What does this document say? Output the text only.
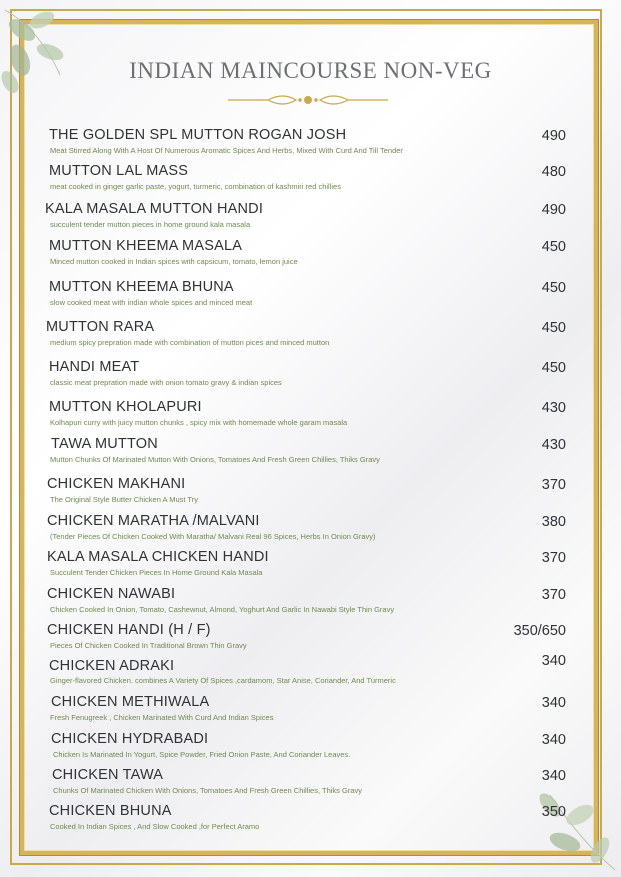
INDIAN MAINCOURSE NON-VEG
THE GOLDEN SPL MUTTON ROGAN JOSH
Meat Stirred Along With A Host Of Numerous Aromatic Spices And Herbs, Mixed With Curd And Till Tender
490
MUTTON LAL MASS
meat cooked in ginger garlic paste, yogurt, turmeric, combination of kashmiri red chillies
480
KALA MASALA MUTTON HANDI
succulent tender mutton pieces in home ground kala masala
490
MUTTON KHEEMA MASALA
Minced mutton cooked in Indian spices with capsicum, tomato, lemon juice
450
MUTTON KHEEMA BHUNA
slow cooked meat with indian whole spices and minced meat
450
MUTTON RARA
medium spicy prepration made with combination of mutton pices and minced mutton
450
HANDI MEAT
classic meat prepration made with onion tomato gravy & indian spices
450
MUTTON KHOLAPURI
Kolhapuri curry with juicy mutton chunks , spicy mix with homemade whole garam masala
430
TAWA MUTTON
Mutton Chunks Of Marinated Mutton With Onions, Tomatoes And Fresh Green Chillies, Thiks Gravy
430
CHICKEN MAKHANI
The Original Style Butter Chicken A Must Try
370
CHICKEN MARATHA /MALVANI
(Tender Pieces Of Chicken Cooked With Maratha/ Malvani Real 96 Spices, Herbs In Onion Gravy)
380
KALA MASALA CHICKEN HANDI
Succulent Tender Chicken Pieces In Home Ground Kala Masala
370
CHICKEN NAWABI
Chicken Cooked In Onion, Tomato, Cashewnut, Almond, Yoghurt And Garlic In Nawabi Style Thin Gravy
370
CHICKEN HANDI (H / F)
Pieces Of Chicken Cooked In Traditional Brown Thin Gravy
350/650
CHICKEN ADRAKI
Ginger-flavored Chicken. combines A Variety Of Spices ,cardamom, Star Anise, Coriander, And Turmeric
340
CHICKEN METHIWALA
Fresh Fenugreek , Chicken Marinated With Curd And Indian Spices
340
CHICKEN HYDRABADI
Chicken Is Marinated In Yogurt, Spice Powder, Fried Onion Paste, And Coriander Leaves.
340
CHICKEN TAWA
Chunks Of Marinated Chicken With Onions, Tomatoes And Fresh Green Chillies, Thiks Gravy
340
CHICKEN BHUNA
Cooked In Indian Spices , And Slow Cooked ,for Perfect Aramo
350
